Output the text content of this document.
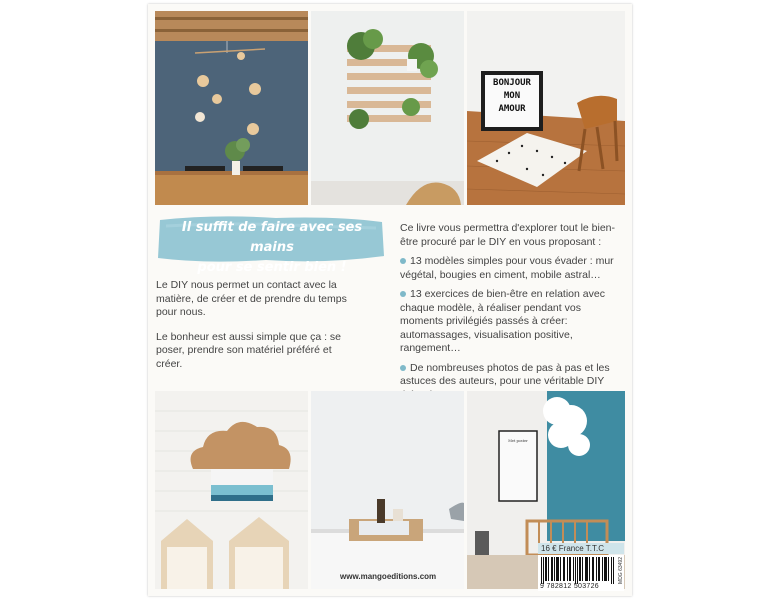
BONJOUR
MON
AMOUR
Il suffit de faire avec ses mains
pour se sentir bien !

Le DIY nous permet un contact avec la matière, de créer et de prendre du temps pour nous.

Le bonheur est aussi simple que ça : se poser, prendre son matériel préféré et créer.

Ce livre vous permettra d'explorer tout le bien-être procuré par le DIY en vous proposant :

13 modèles simples pour vous évader : mur végétal, bougies en ciment, mobile astral…

13 exercices de bien-être en relation avec chaque modèle, à réaliser pendant vos moments privilégiés passés à créer: automassages, visualisation positive, rangement…

De nombreuses photos de pas à pas et les astuces des auteurs, pour une véritable DIY

www.mangoeditions.com
Met poster
16 € France T.T.C
9 782812 503726
MDG 63492
